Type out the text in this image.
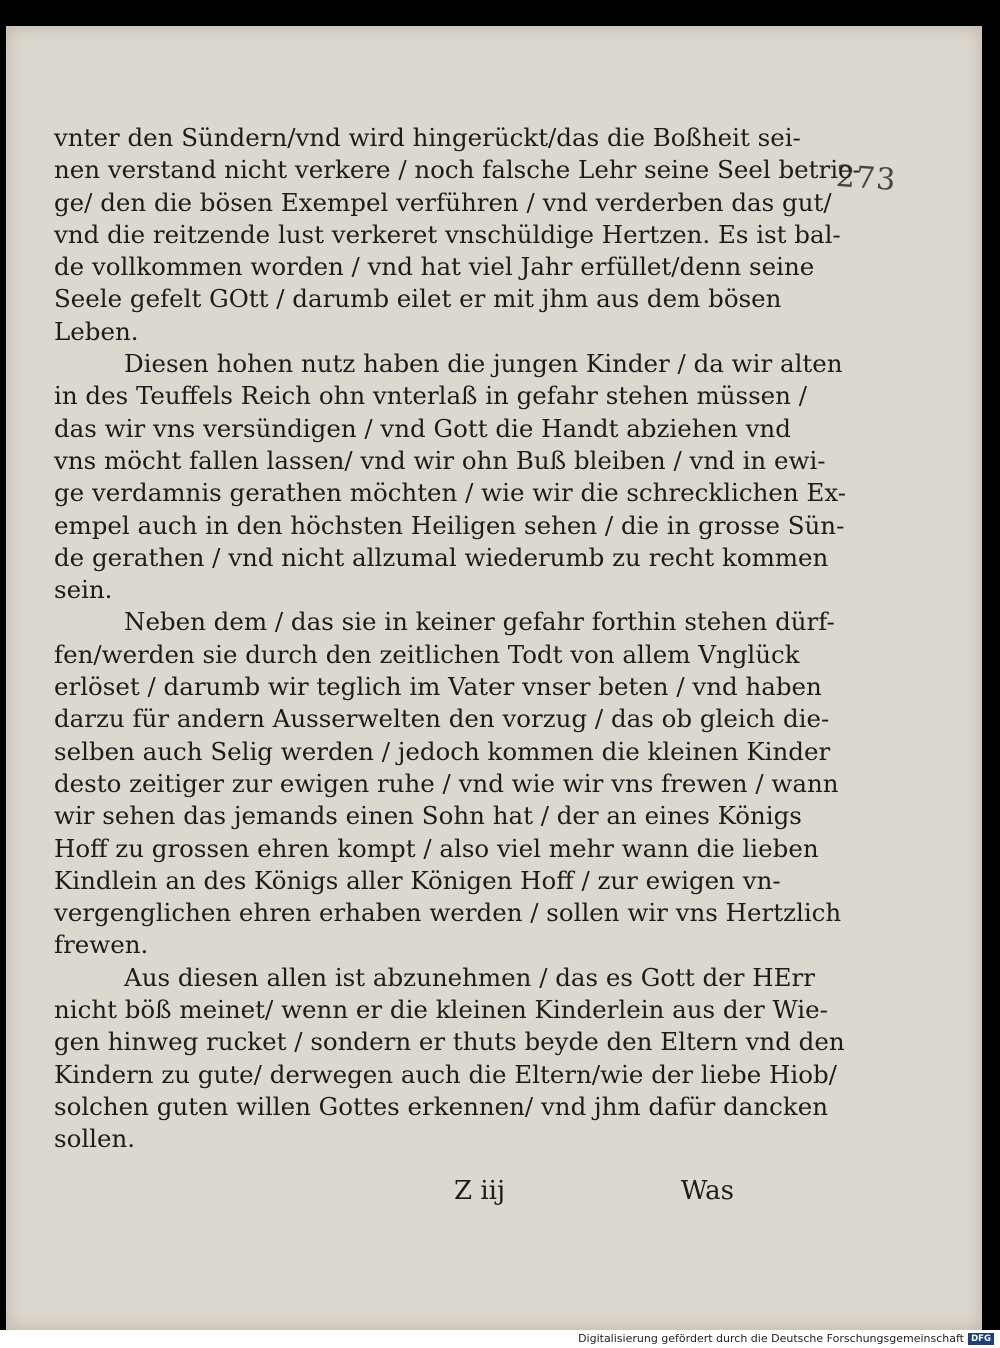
273
vnter den Sündern/vnd wird hingerückt/das die Boßheit sei-
nen verstand nicht verkere / noch falsche Lehr seine Seel betrie-
ge/ den die bösen Exempel verführen / vnd verderben das gut/
vnd die reitzende lust verkeret vnschüldige Hertzen. Es ist bal-
de vollkommen worden / vnd hat viel Jahr erfüllet/denn seine
Seele gefelt GOtt / darumb eilet er mit jhm aus dem bösen
Leben.
Diesen hohen nutz haben die jungen Kinder / da wir alten
in des Teuffels Reich ohn vnterlaß in gefahr stehen müssen /
das wir vns versündigen / vnd Gott die Handt abziehen vnd
vns möcht fallen lassen/ vnd wir ohn Buß bleiben / vnd in ewi-
ge verdamnis gerathen möchten / wie wir die schrecklichen Ex-
empel auch in den höchsten Heiligen sehen / die in grosse Sün-
de gerathen / vnd nicht allzumal wiederumb zu recht kommen
sein.
Neben dem / das sie in keiner gefahr forthin stehen dürf-
fen/werden sie durch den zeitlichen Todt von allem Vnglück
erlöset / darumb wir teglich im Vater vnser beten / vnd haben
darzu für andern Ausserwelten den vorzug / das ob gleich die-
selben auch Selig werden / jedoch kommen die kleinen Kinder
desto zeitiger zur ewigen ruhe / vnd wie wir vns frewen / wann
wir sehen das jemands einen Sohn hat / der an eines Königs
Hoff zu grossen ehren kompt / also viel mehr wann die lieben
Kindlein an des Königs aller Königen Hoff / zur ewigen vn-
vergenglichen ehren erhaben werden / sollen wir vns Hertzlich
frewen.
Aus diesen allen ist abzunehmen / das es Gott der HErr
nicht böß meinet/ wenn er die kleinen Kinderlein aus der Wie-
gen hinweg rucket / sondern er thuts beyde den Eltern vnd den
Kindern zu gute/ derwegen auch die Eltern/wie der liebe Hiob/
solchen guten willen Gottes erkennen/ vnd jhm dafür dancken
sollen.
Z iij	Was
Digitalisierung gefördert durch die Deutsche Forschungsgemeinschaft DFG
